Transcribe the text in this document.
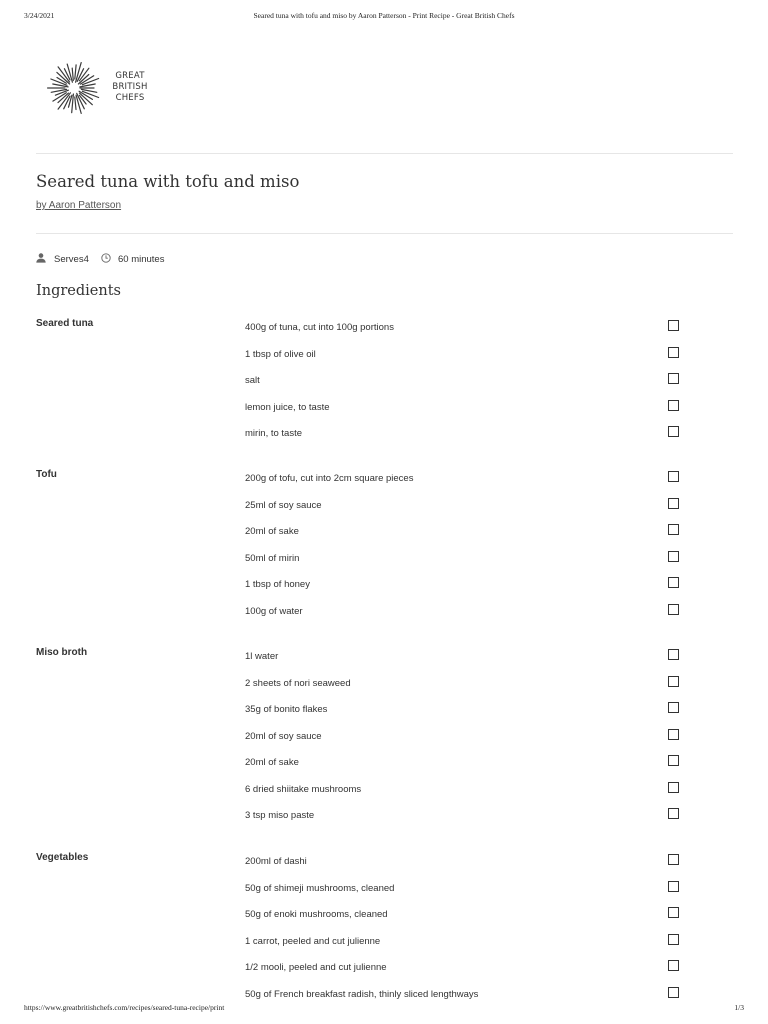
3/24/2021	Seared tuna with tofu and miso by Aaron Patterson - Print Recipe - Great British Chefs
GREAT
BRITISH
CHEFS
Seared tuna with tofu and miso
by Aaron Patterson
Serves4	60 minutes
Ingredients
Seared tuna	400g of tuna, cut into 100g portions
1 tbsp of olive oil
salt
lemon juice, to taste
mirin, to taste
Tofu	200g of tofu, cut into 2cm square pieces
25ml of soy sauce
20ml of sake
50ml of mirin
1 tbsp of honey
100g of water
Miso broth	1l water
2 sheets of nori seaweed
35g of bonito flakes
20ml of soy sauce
20ml of sake
6 dried shiitake mushrooms
3 tsp miso paste
Vegetables	200ml of dashi
50g of shimeji mushrooms, cleaned
50g of enoki mushrooms, cleaned
1 carrot, peeled and cut julienne
1/2 mooli, peeled and cut julienne
50g of French breakfast radish, thinly sliced lengthways
https://www.greatbritishchefs.com/recipes/seared-tuna-recipe/print	1/3
